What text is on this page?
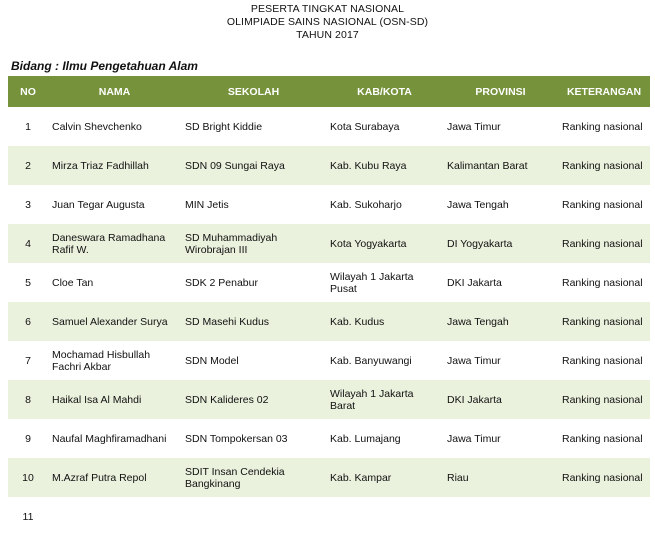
PESERTA TINGKAT NASIONAL
OLIMPIADE SAINS NASIONAL (OSN-SD)
TAHUN 2017
Bidang : Ilmu Pengetahuan Alam
NO	NAMA	SEKOLAH	KAB/KOTA	PROVINSI	KETERANGAN
1	Calvin Shevchenko	SD Bright Kiddie	Kota Surabaya	Jawa Timur	Ranking nasional
2	Mirza Triaz Fadhillah	SDN 09 Sungai Raya	Kab. Kubu Raya	Kalimantan Barat	Ranking nasional
3	Juan Tegar Augusta	MIN Jetis	Kab. Sukoharjo	Jawa Tengah	Ranking nasional
4	Daneswara Ramadhana Rafif W.	SD Muhammadiyah Wirobrajan III	Kota Yogyakarta	DI Yogyakarta	Ranking nasional
5	Cloe Tan	SDK 2 Penabur	Wilayah 1 Jakarta Pusat	DKI Jakarta	Ranking nasional
6	Samuel Alexander Surya	SD Masehi Kudus	Kab. Kudus	Jawa Tengah	Ranking nasional
7	Mochamad Hisbullah Fachri Akbar	SDN Model	Kab. Banyuwangi	Jawa Timur	Ranking nasional
8	Haikal Isa Al Mahdi	SDN Kalideres 02	Wilayah 1 Jakarta Barat	DKI Jakarta	Ranking nasional
9	Naufal Maghfiramadhani	SDN Tompokersan 03	Kab. Lumajang	Jawa Timur	Ranking nasional
10	M.Azraf Putra Repol	SDIT Insan Cendekia Bangkinang	Kab. Kampar	Riau	Ranking nasional
11					
